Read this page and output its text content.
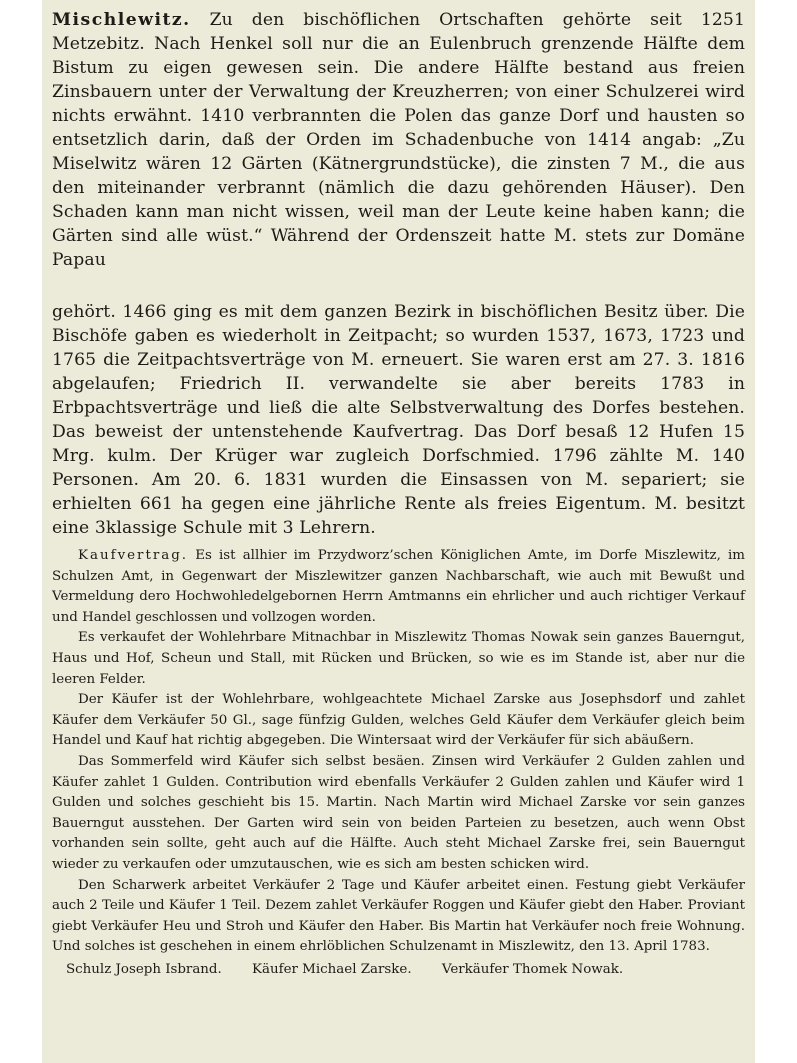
Mischlewitz. Zu den bischöflichen Ortschaften gehörte seit 1251 Metzebitz. Nach Henkel soll nur die an Eulenbruch grenzende Hälfte dem Bistum zu eigen gewesen sein. Die andere Hälfte bestand aus freien Zinsbauern unter der Verwaltung der Kreuzherren; von einer Schulzerei wird nichts erwähnt. 1410 verbrannten die Polen das ganze Dorf und hausten so entsetzlich darin, daß der Orden im Schadenbuche von 1414 angab: „Zu Miselwitz wären 12 Gärten (Kätnergrundstücke), die zinsten 7 M., die aus den miteinander verbrannt (nämlich die dazu gehörenden Häuser). Den Schaden kann man nicht wissen, weil man der Leute keine haben kann; die Gärten sind alle wüst.“ Während der Ordenszeit hatte M. stets zur Domäne Papau

gehört. 1466 ging es mit dem ganzen Bezirk in bischöflichen Besitz über. Die Bischöfe gaben es wiederholt in Zeitpacht; so wurden 1537, 1673, 1723 und 1765 die Zeitpachtsverträge von M. erneuert. Sie waren erst am 27. 3. 1816 abgelaufen; Friedrich II. verwandelte sie aber bereits 1783 in Erbpachtsverträge und ließ die alte Selbstverwaltung des Dorfes bestehen. Das beweist der untenstehende Kaufvertrag. Das Dorf besaß 12 Hufen 15 Mrg. kulm. Der Krüger war zugleich Dorfschmied. 1796 zählte M. 140 Personen. Am 20. 6. 1831 wurden die Einsassen von M. separiert; sie erhielten 661 ha gegen eine jährliche Rente als freies Eigentum. M. besitzt eine 3klassige Schule mit 3 Lehrern.

Kaufvertrag. Es ist allhier im Przydworz’schen Königlichen Amte, im Dorfe Miszlewitz, im Schulzen Amt, in Gegenwart der Miszlewitzer ganzen Nachbarschaft, wie auch mit Bewußt und Vermeldung dero Hochwohledelgebornen Herrn Amtmanns ein ehrlicher und auch richtiger Verkauf und Handel geschlossen und vollzogen worden.

Es verkaufet der Wohlehrbare Mitnachbar in Miszlewitz Thomas Nowak sein ganzes Bauerngut, Haus und Hof, Scheun und Stall, mit Rücken und Brücken, so wie es im Stande ist, aber nur die leeren Felder.

Der Käufer ist der Wohlehrbare, wohlgeachtete Michael Zarske aus Josephsdorf und zahlet Käufer dem Verkäufer 50 Gl., sage fünfzig Gulden, welches Geld Käufer dem Verkäufer gleich beim Handel und Kauf hat richtig abgegeben. Die Wintersaat wird der Verkäufer für sich abäußern.

Das Sommerfeld wird Käufer sich selbst besäen. Zinsen wird Verkäufer 2 Gulden zahlen und Käufer zahlet 1 Gulden. Contribution wird ebenfalls Verkäufer 2 Gulden zahlen und Käufer wird 1 Gulden und solches geschieht bis 15. Martin. Nach Martin wird Michael Zarske vor sein ganzes Bauerngut ausstehen. Der Garten wird sein von beiden Parteien zu besetzen, auch wenn Obst vorhanden sein sollte, geht auch auf die Hälfte. Auch steht Michael Zarske frei, sein Bauerngut wieder zu verkaufen oder umzutauschen, wie es sich am besten schicken wird.

Den Scharwerk arbeitet Verkäufer 2 Tage und Käufer arbeitet einen. Festung giebt Verkäufer auch 2 Teile und Käufer 1 Teil. Dezem zahlet Verkäufer Roggen und Käufer giebt den Haber. Proviant giebt Verkäufer Heu und Stroh und Käufer den Haber. Bis Martin hat Verkäufer noch freie Wohnung. Und solches ist geschehen in einem ehrlöblichen Schulzenamt in Miszlewitz, den 13. April 1783.

Schulz Joseph Isbrand. Käufer Michael Zarske. Verkäufer Thomek Nowak.
